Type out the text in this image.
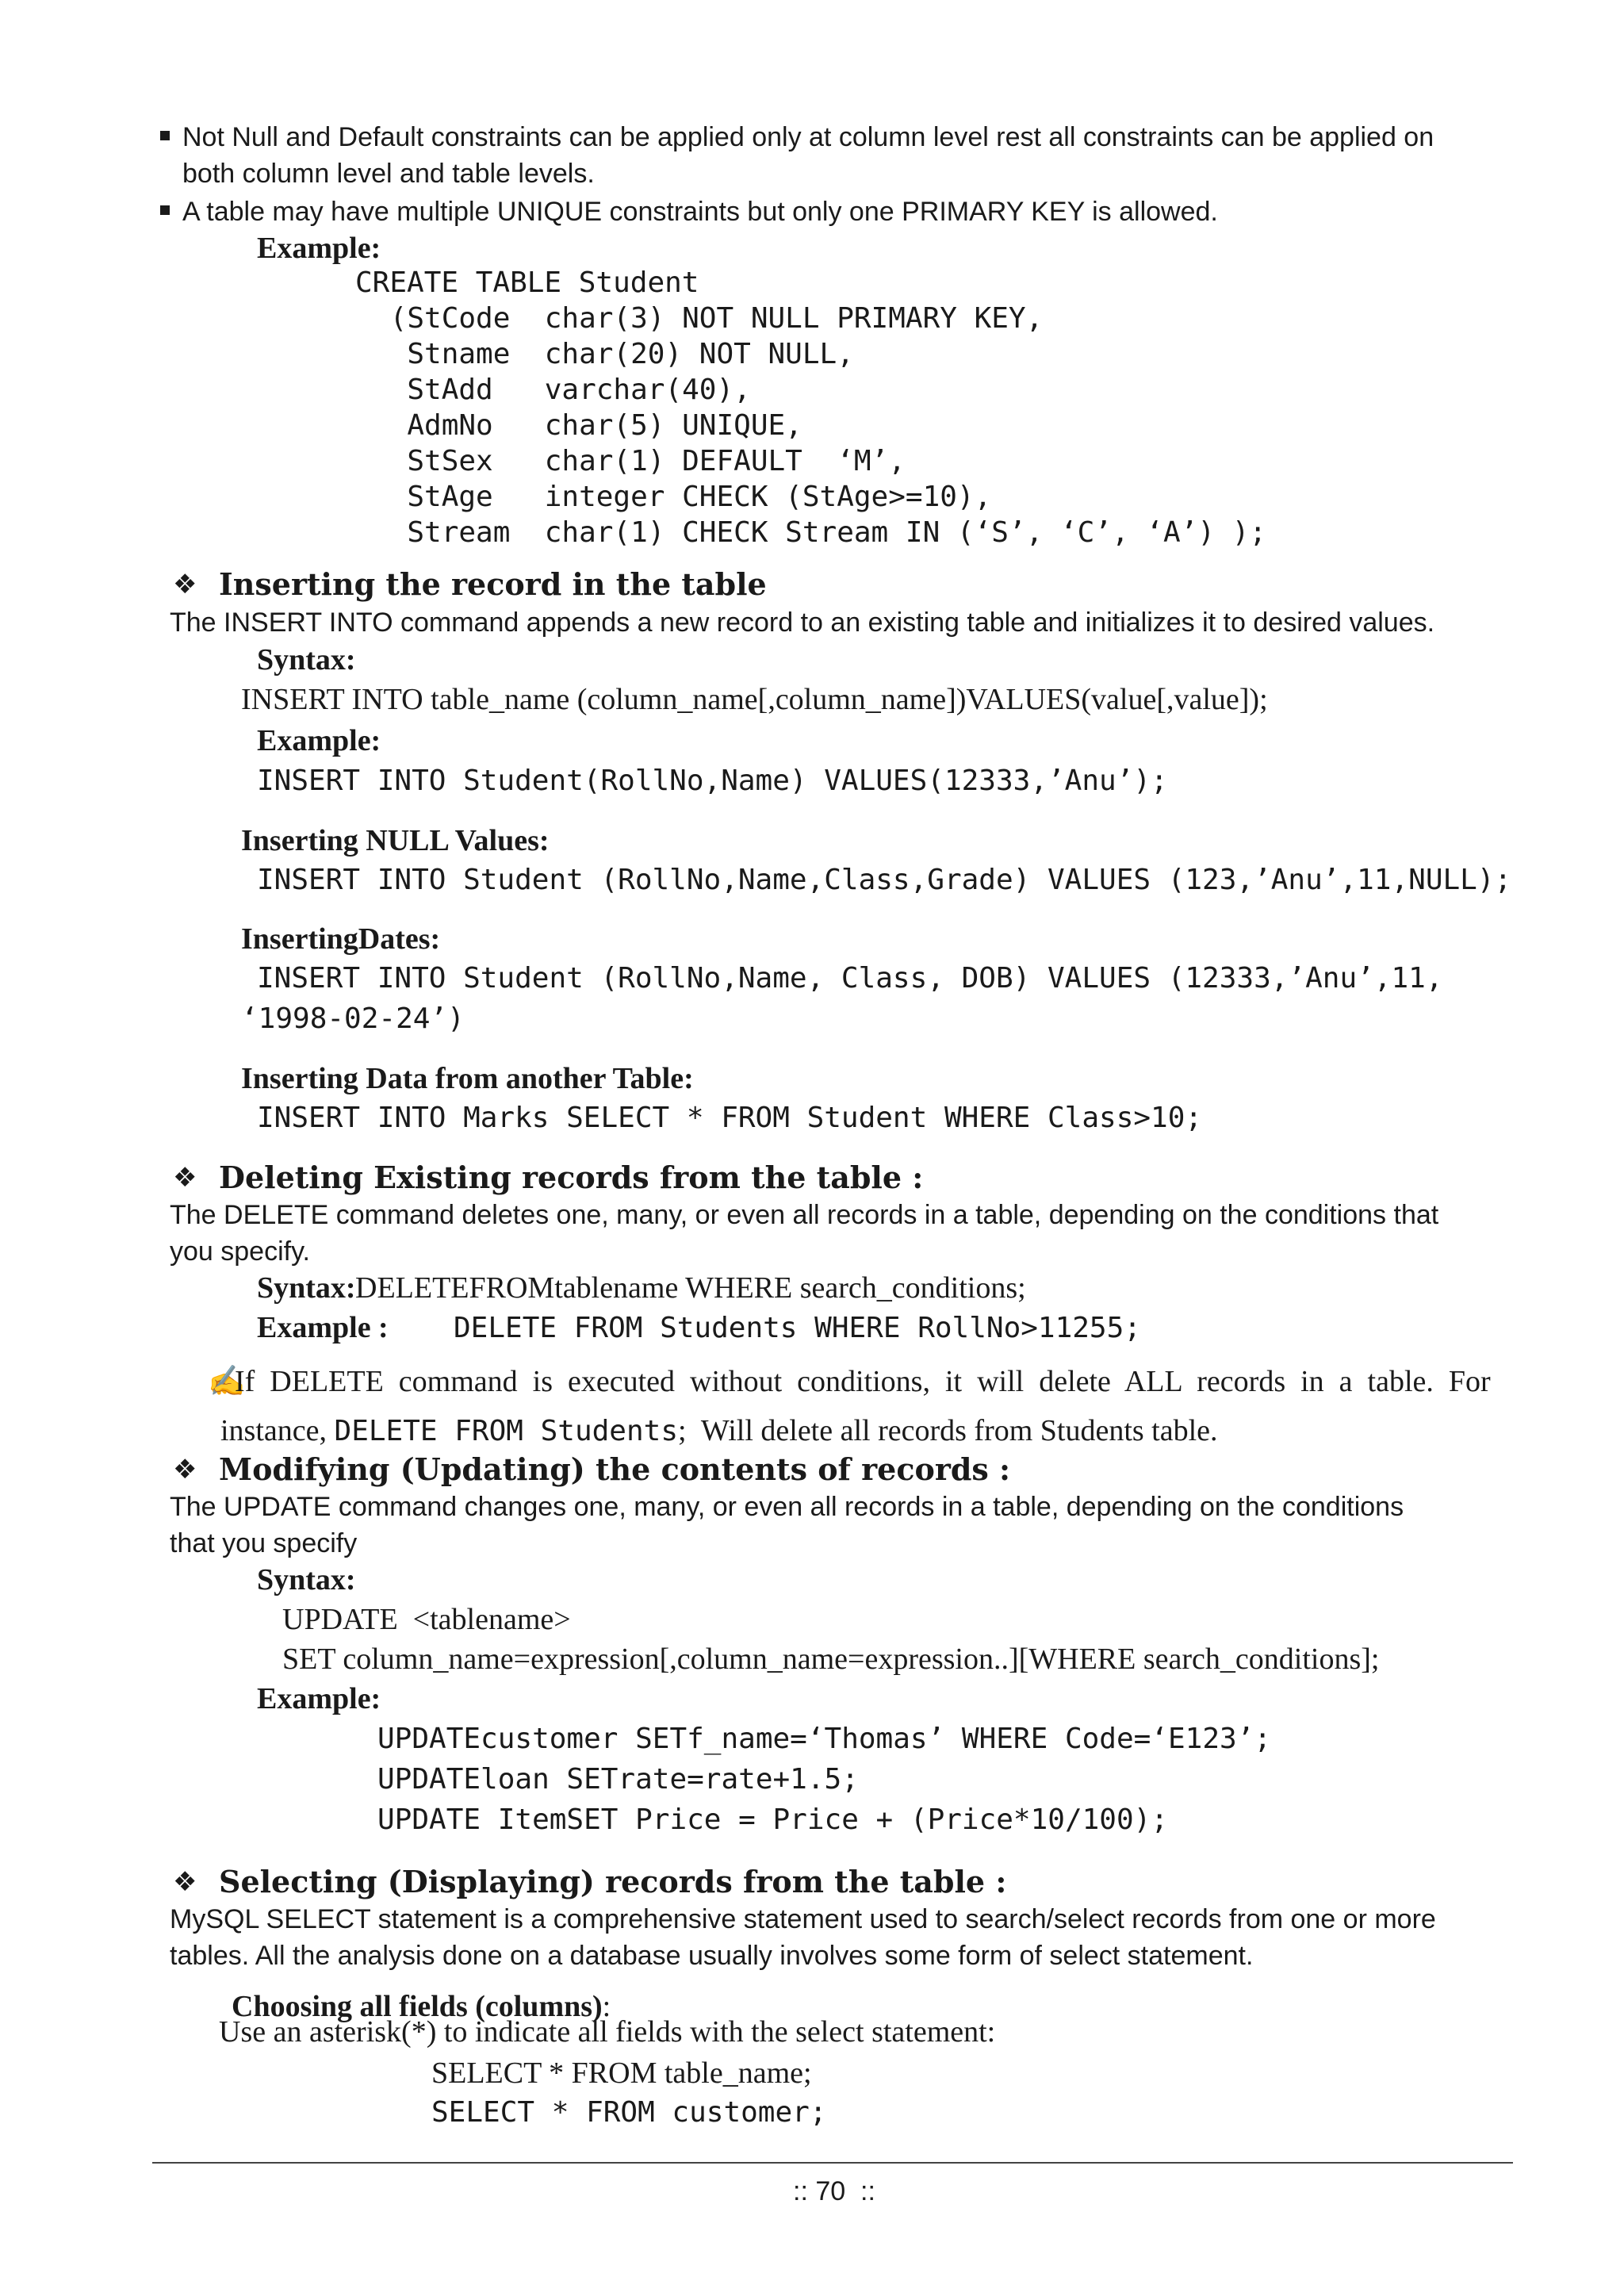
Not Null and Default constraints can be applied only at column level rest all constraints can be applied on
both column level and table levels.
A table may have multiple UNIQUE constraints but only one PRIMARY KEY is allowed.
Example:
CREATE TABLE Student
(StCode  char(3) NOT NULL PRIMARY KEY,
Stname  char(20) NOT NULL,
StAdd   varchar(40),
AdmNo   char(5) UNIQUE,
StSex   char(1) DEFAULT  ‘M’,
StAge   integer CHECK (StAge>=10),
Stream  char(1) CHECK Stream IN (‘S’, ‘C’, ‘A’) );
❖ Inserting the record in the table
The INSERT INTO command appends a new record to an existing table and initializes it to desired values.
Syntax:
INSERT INTO table_name (column_name[,column_name])VALUES(value[,value]);
Example:
INSERT INTO Student(RollNo,Name) VALUES(12333,’Anu’);
Inserting NULL Values:
INSERT INTO Student (RollNo,Name,Class,Grade) VALUES (123,’Anu’,11,NULL);
InsertingDates:
INSERT INTO Student (RollNo,Name, Class, DOB) VALUES (12333,’Anu’,11,
‘1998-02-24’)
Inserting Data from another Table:
INSERT INTO Marks SELECT * FROM Student WHERE Class>10;
❖ Deleting Existing records from the table :
The DELETE command deletes one, many, or even all records in a table, depending on the conditions that
you specify.
Syntax: DELETEFROMtablename WHERE search_conditions;
Example : DELETE FROM Students WHERE RollNo>11255;
✍
If  DELETE  command  is  executed  without  conditions,  it  will  delete  ALL  records  in  a  table.  For

instance, DELETE FROM Students;  Will delete all records from Students table.

❖ Modifying (Updating) the contents of records :
The UPDATE command changes one, many, or even all records in a table, depending on the conditions
that you specify
Syntax:
UPDATE  <tablename>
SET column_name=expression[,column_name=expression..][WHERE search_conditions];
Example:
UPDATEcustomer SETf_name=‘Thomas’ WHERE Code=‘E123’;
UPDATEloan SETrate=rate+1.5;
UPDATE ItemSET Price = Price + (Price*10/100);
❖ Selecting (Displaying) records from the table :
MySQL SELECT statement is a comprehensive statement used to search/select records from one or more
tables. All the analysis done on a database usually involves some form of select statement.

Choosing all fields (columns):

Use an asterisk(*) to indicate all fields with the select statement:
SELECT * FROM table_name;
SELECT * FROM customer;
:: 70  ::
